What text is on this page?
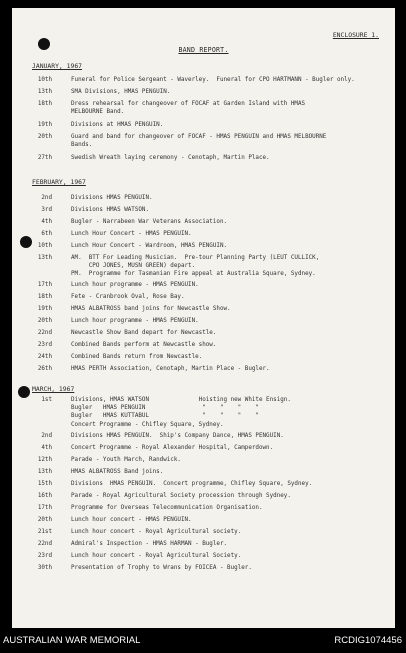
ENCLOSURE 1.
BAND REPORT.
JANUARY, 1967
10th	Funeral for Police Sergeant - Waverley.  Funeral for CPO HARTMANN - Bugler only.
13th	SMA Divisions, HMAS PENGUIN.
18th	Dress rehearsal for changeover of FOCAF at Garden Island with HMAS
MELBOURNE Band.
19th	Divisions at HMAS PENGUIN.
20th	Guard and band for changeover of FOCAF - HMAS PENGUIN and HMAS MELBOURNE
Bands.
27th	Swedish Wreath laying ceremony - Cenotaph, Martin Place.
FEBRUARY, 1967
2nd	Divisions HMAS PENGUIN.
3rd	Divisions HMAS WATSON.
4th	Bugler - Narrabeen War Veterans Association.
6th	Lunch Hour Concert - HMAS PENGUIN.
10th	Lunch Hour Concert - Wardroom, HMAS PENGUIN.
13th	AM.  BTT For Leading Musician.  Pre-tour Planning Party (LEUT CULLICK,
CPO JONES, MUSN GREEN) depart.
PM.  Programme for Tasmanian Fire appeal at Australia Square, Sydney.
17th	Lunch hour programme - HMAS PENGUIN.
18th	Fete - Cranbrook Oval, Rose Bay.
19th	HMAS ALBATROSS band joins for Newcastle Show.
20th	Lunch hour programme - HMAS PENGUIN.
22nd	Newcastle Show Band depart for Newcastle.
23rd	Combined Bands perform at Newcastle show.
24th	Combined Bands return from Newcastle.
26th	HMAS PERTH Association, Cenotaph, Martin Place - Bugler.
MARCH, 1967
1st	Divisions, HMAS WATSON              Hoisting new White Ensign.
Bugler   HMAS PENGUIN                "    "    "    "
Bugler   HMAS KUTTABUL               "    "    "    "
Concert Programme - Chifley Square, Sydney.
2nd	Divisions HMAS PENGUIN.  Ship's Company Dance, HMAS PENGUIN.
4th	Concert Programme - Royal Alexander Hospital, Camperdown.
12th	Parade - Youth March, Randwick.
13th	HMAS ALBATROSS Band joins.
15th	Divisions  HMAS PENGUIN.  Concert programme, Chifley Square, Sydney.
16th	Parade - Royal Agricultural Society procession through Sydney.
17th	Programme for Overseas Telecommunication Organisation.
20th	Lunch hour concert - HMAS PENGUIN.
21st	Lunch hour concert - Royal Agricultural society.
22nd	Admiral's Inspection - HMAS HARMAN - Bugler.
23rd	Lunch hour concert - Royal Agricultural Society.
30th	Presentation of Trophy to Wrans by FOICEA - Bugler.
AUSTRALIAN WAR MEMORIAL	RCDIG1074456
